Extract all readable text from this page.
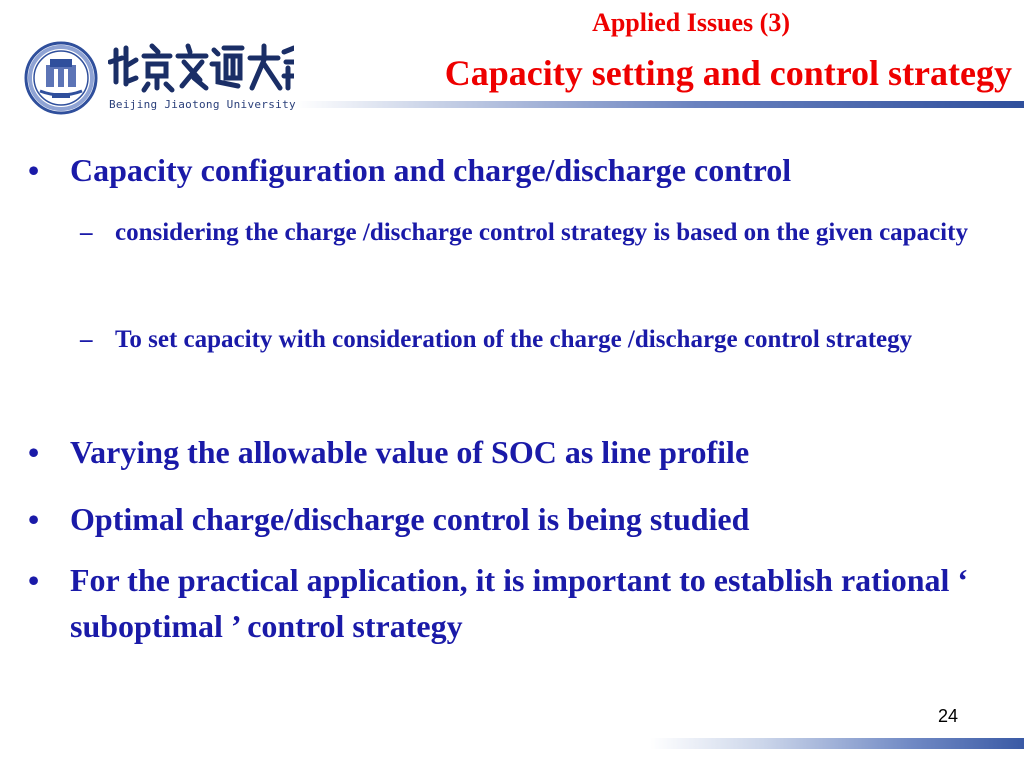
Beijing Jiaotong University
Applied Issues (3)
Capacity setting and control strategy
• Capacity configuration and charge/discharge control
– considering the charge /discharge control strategy is based on the given capacity
– To set capacity with consideration of the charge /discharge control strategy
• Varying the allowable value of SOC as line profile
• Optimal charge/discharge control is being studied
• For the practical application, it is important to establish rational ‘ suboptimal ’ control strategy
24
